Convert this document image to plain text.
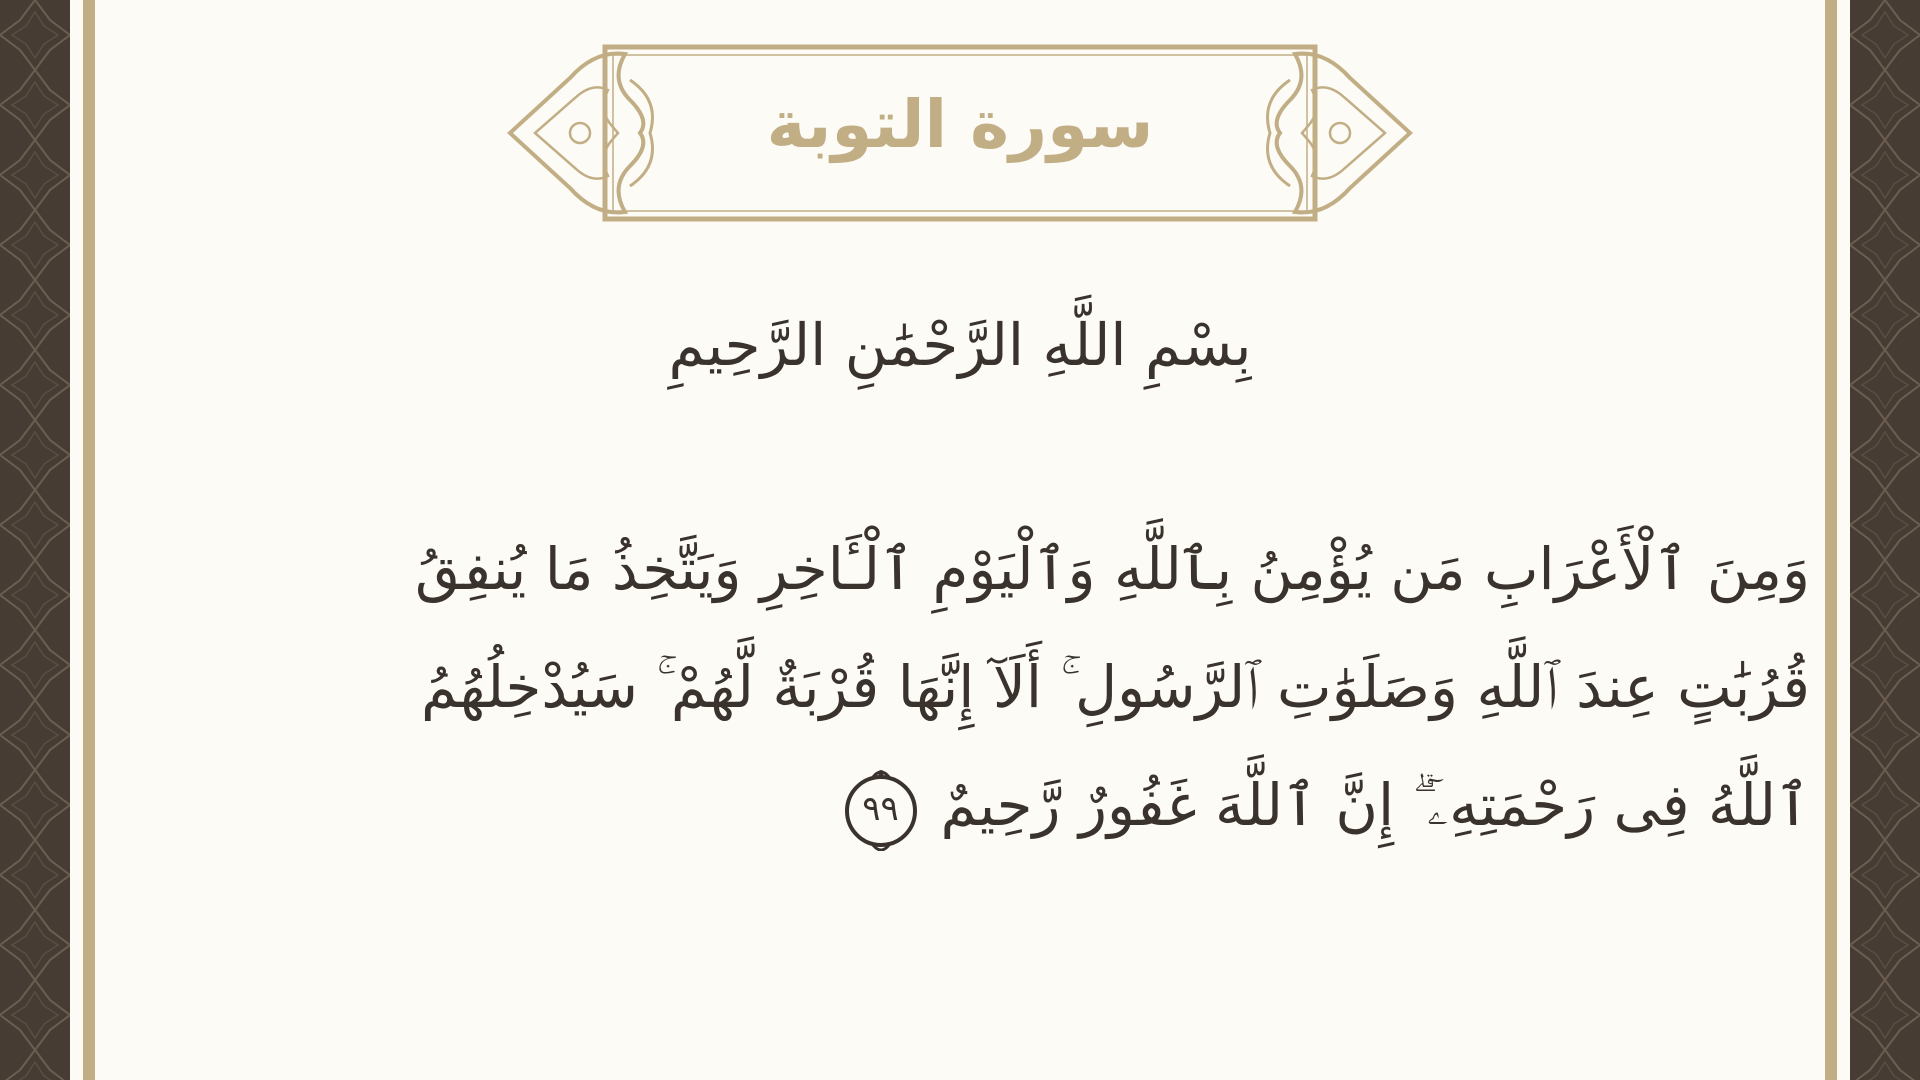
سورة التوبة
بِسْمِ اللَّهِ الرَّحْمَٰنِ الرَّحِيمِ
وَمِنَ ٱلْأَعْرَابِ مَن يُؤْمِنُ بِٱللَّهِ وَٱلْيَوْمِ ٱلْـَٔاخِرِ وَيَتَّخِذُ مَا يُنفِقُ
قُرُبَٰتٍ عِندَ ٱللَّهِ وَصَلَوَٰتِ ٱلرَّسُولِ ۚ أَلَآ إِنَّهَا قُرْبَةٌ لَّهُمْ ۚ سَيُدْخِلُهُمُ
ٱللَّهُ فِى رَحْمَتِهِۦٓ ۗ إِنَّ ٱللَّهَ غَفُورٌ رَّحِيمٌ
٩٩
